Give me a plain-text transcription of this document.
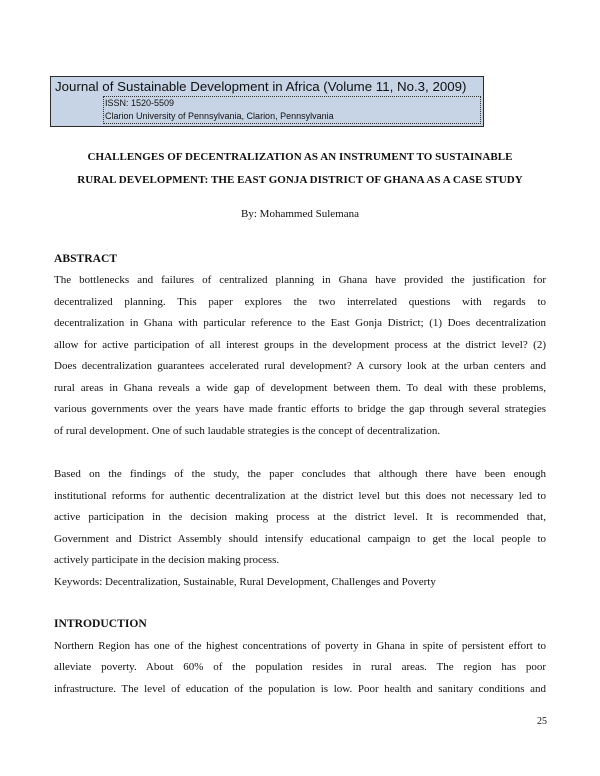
Journal of Sustainable Development in Africa (Volume 11, No.3, 2009)
ISSN: 1520-5509
Clarion University of Pennsylvania, Clarion, Pennsylvania
CHALLENGES OF DECENTRALIZATION AS AN INSTRUMENT TO SUSTAINABLE
RURAL DEVELOPMENT: THE EAST GONJA DISTRICT OF GHANA AS A CASE STUDY
By: Mohammed Sulemana
ABSTRACT
The bottlenecks and failures of centralized planning in Ghana have provided the justification for
decentralized planning. This paper explores the two interrelated questions with regards to
decentralization in Ghana with particular reference to the East Gonja District; (1) Does decentralization
allow for active participation of all interest groups in the development process at the district level? (2)
Does decentralization guarantees accelerated rural development? A cursory look at the urban centers and
rural areas in Ghana reveals a wide gap of development between them. To deal with these problems,
various governments over the years have made frantic efforts to bridge the gap through several strategies
of rural development. One of such laudable strategies is the concept of decentralization.
Based on the findings of the study, the paper concludes that although there have been enough
institutional reforms for authentic decentralization at the district level but this does not necessary led to
active participation in the decision making process at the district level. It is recommended that,
Government and District Assembly should intensify educational campaign to get the local people to
actively participate in the decision making process.
Keywords: Decentralization, Sustainable, Rural Development, Challenges and Poverty
INTRODUCTION
Northern Region has one of the highest concentrations of poverty in Ghana in spite of persistent effort to
alleviate poverty. About 60% of the population resides in rural areas. The region has poor
infrastructure. The level of education of the population is low. Poor health and sanitary conditions and
25
